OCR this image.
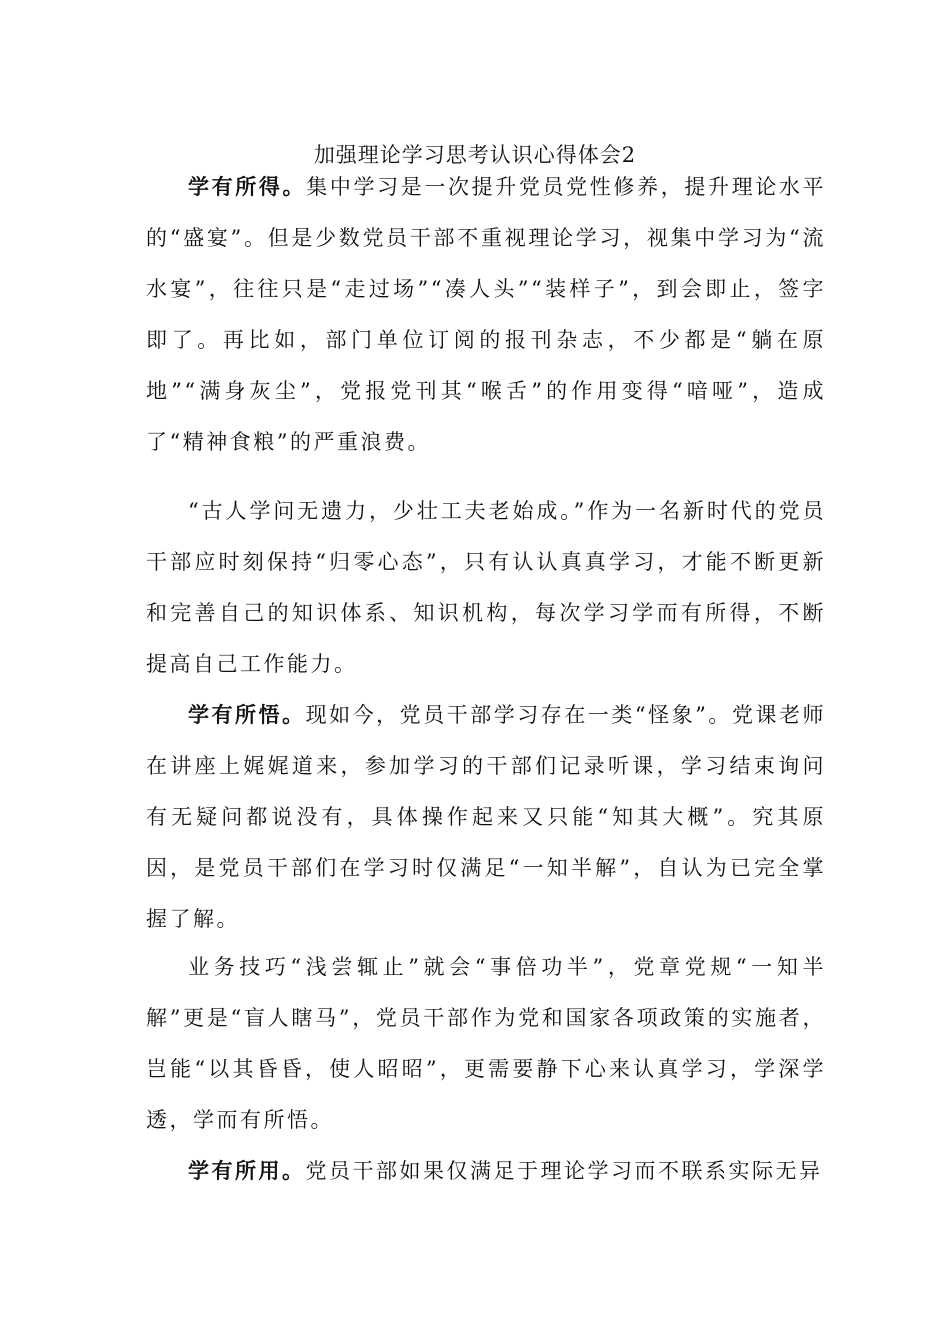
加强理论学习思考认识心得体会2
学有所得。集中学习是一次提升党员党性修养，提升理论水平的“盛宴”。但是少数党员干部不重视理论学习，视集中学习为“流水宴”，往往只是“走过场”“凑人头”“装样子”，到会即止，签字即了。再比如，部门单位订阅的报刊杂志，不少都是“躺在原地”“满身灰尘”，党报党刊其“喉舌”的作用变得“喑哑”，造成了“精神食粮”的严重浪费。
“古人学问无遗力，少壮工夫老始成。”作为一名新时代的党员干部应时刻保持“归零心态”，只有认认真真学习，才能不断更新和完善自己的知识体系、知识机构，每次学习学而有所得，不断提高自己工作能力。
学有所悟。现如今，党员干部学习存在一类“怪象”。党课老师在讲座上娓娓道来，参加学习的干部们记录听课，学习结束询问有无疑问都说没有，具体操作起来又只能“知其大概”。究其原因，是党员干部们在学习时仅满足“一知半解”，自认为已完全掌握了解。
业务技巧“浅尝辄止”就会“事倍功半”，党章党规“一知半解”更是“盲人瞎马”，党员干部作为党和国家各项政策的实施者，岂能“以其昏昏，使人昭昭”，更需要静下心来认真学习，学深学透，学而有所悟。
学有所用。党员干部如果仅满足于理论学习而不联系实际无异
